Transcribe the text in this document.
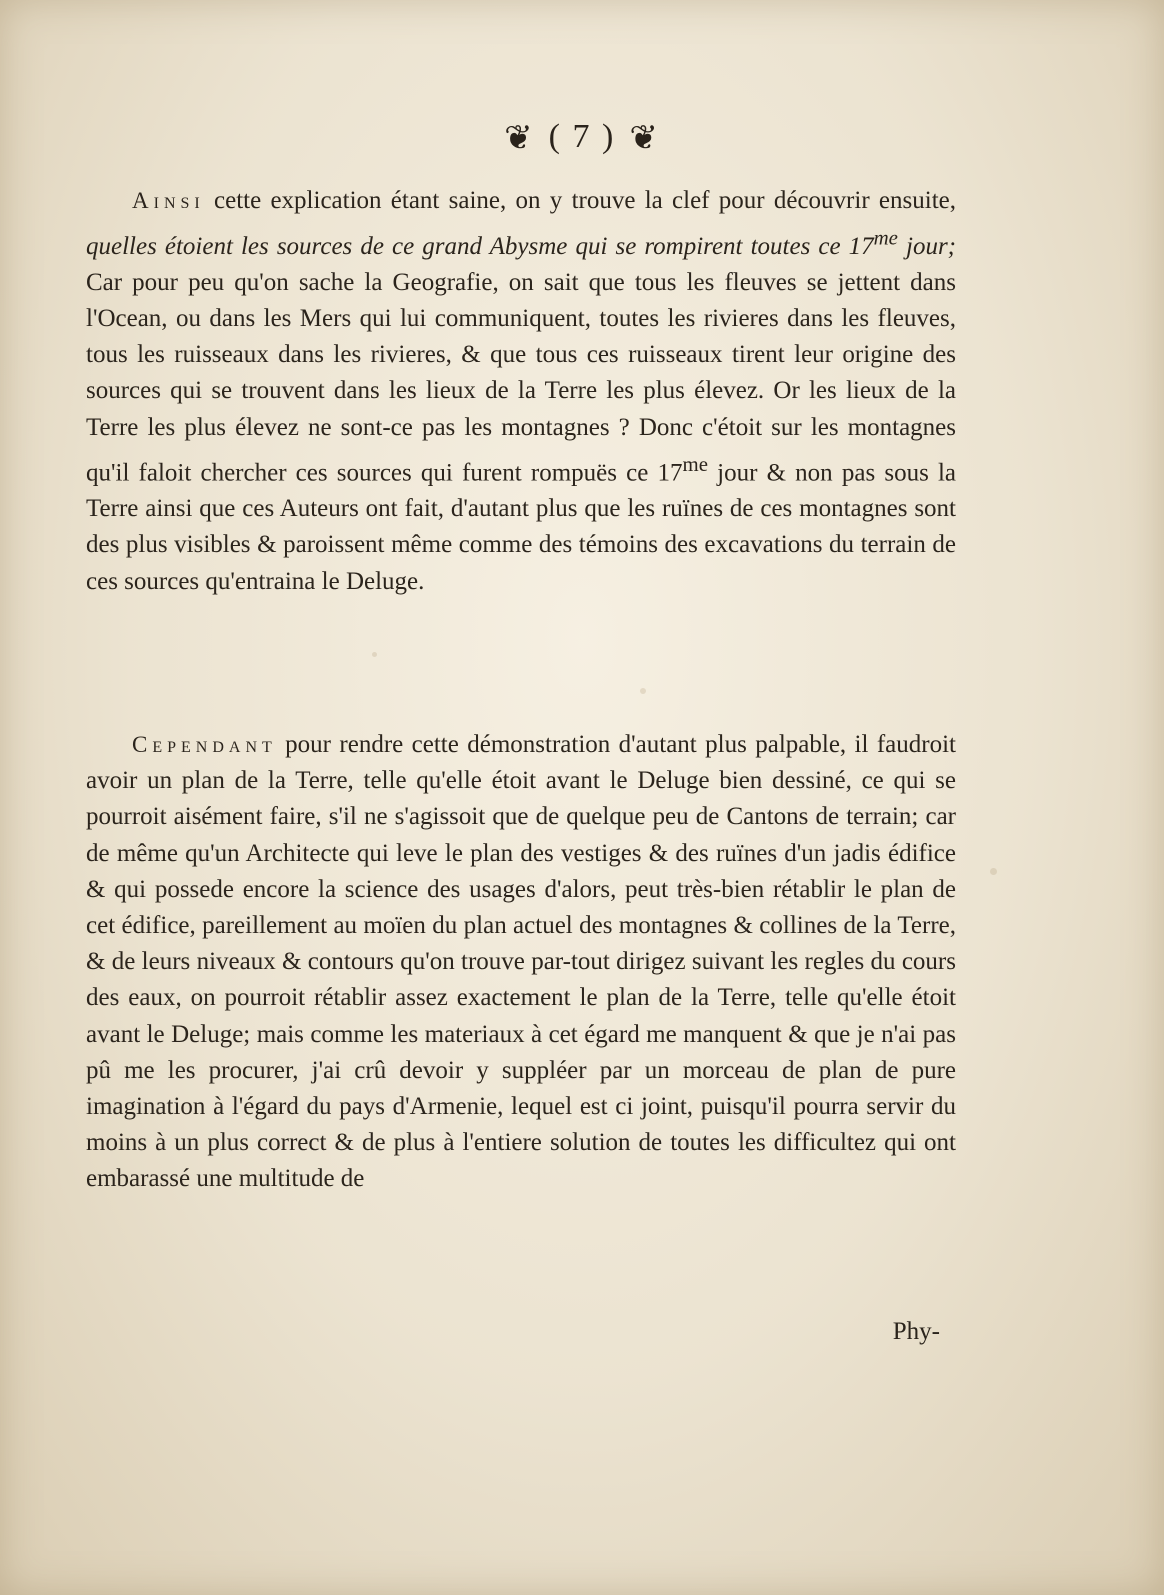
❦ ( 7 ) ❦
Ainsi cette explication étant saine, on y trouve la clef pour découvrir ensuite, quelles étoient les sources de ce grand Abysme qui se rompirent toutes ce $17^{me}$ jour; Car pour peu qu'on sache la Geografie, on sait que tous les fleuves se jettent dans l'Ocean, ou dans les Mers qui lui communiquent, toutes les rivieres dans les fleuves, tous les ruisseaux dans les rivieres, & que tous ces ruisseaux tirent leur origine des sources qui se trouvent dans les lieux de la Terre les plus élevez. Or les lieux de la Terre les plus élevez ne sont-ce pas les montagnes ? Donc c'étoit sur les montagnes qu'il faloit chercher ces sources qui furent rompuës ce $17^{me}$ jour & non pas sous la Terre ainsi que ces Auteurs ont fait, d'autant plus que les ruïnes de ces montagnes sont des plus visibles & paroissent même comme des témoins des excavations du terrain de ces sources qu'entraina le Deluge.
Cependant pour rendre cette démonstration d'autant plus palpable, il faudroit avoir un plan de la Terre, telle qu'elle étoit avant le Deluge bien dessiné, ce qui se pourroit aisément faire, s'il ne s'agissoit que de quelque peu de Cantons de terrain; car de même qu'un Architecte qui leve le plan des vestiges & des ruïnes d'un jadis édifice & qui possede encore la science des usages d'alors, peut très-bien rétablir le plan de cet édifice, pareillement au moïen du plan actuel des montagnes & collines de la Terre, & de leurs niveaux & contours qu'on trouve par-tout dirigez suivant les regles du cours des eaux, on pourroit rétablir assez exactement le plan de la Terre, telle qu'elle étoit avant le Deluge; mais comme les materiaux à cet égard me manquent & que je n'ai pas pû me les procurer, j'ai crû devoir y suppléer par un morceau de plan de pure imagination à l'égard du pays d'Armenie, lequel est ci joint, puisqu'il pourra servir du moins à un plus correct & de plus à l'entiere solution de toutes les difficultez qui ont embarassé une multitude de
Phy-
